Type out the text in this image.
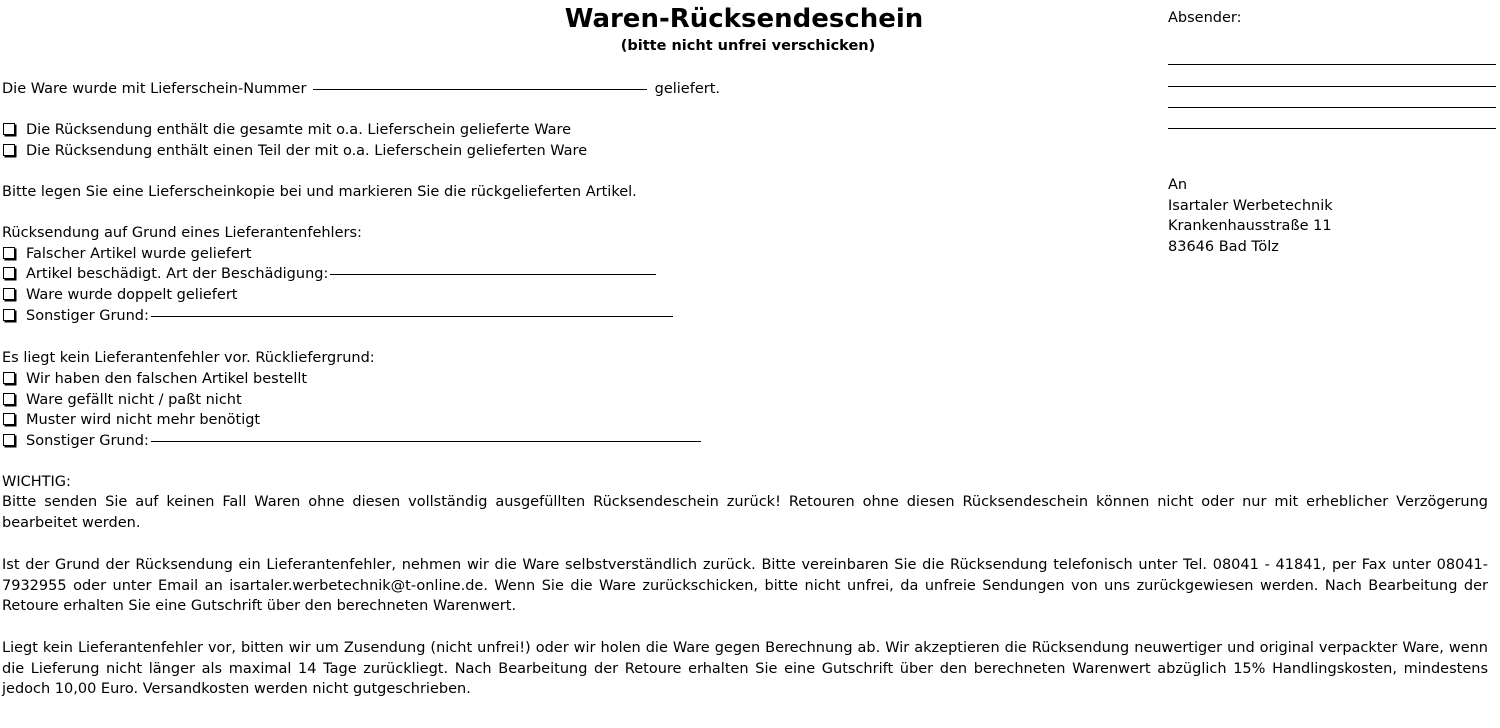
Waren-Rücksendeschein
(bitte nicht unfrei verschicken)
Absender:
An
Isartaler Werbetechnik
Krankenhausstraße 11
83646 Bad Tölz
Die Ware wurde mit Lieferschein-Nummer	geliefert.
Die Rücksendung enthält die gesamte mit o.a. Lieferschein gelieferte Ware
Die Rücksendung enthält einen Teil der mit o.a. Lieferschein gelieferten Ware
Bitte legen Sie eine Lieferscheinkopie bei und markieren Sie die rückgelieferten Artikel.
Rücksendung auf Grund eines Lieferantenfehlers:
Falscher Artikel wurde geliefert
Artikel beschädigt. Art der Beschädigung:
Ware wurde doppelt geliefert
Sonstiger Grund:
Es liegt kein Lieferantenfehler vor. Rückliefergrund:
Wir haben den falschen Artikel bestellt
Ware gefällt nicht / paßt nicht
Muster wird nicht mehr benötigt
Sonstiger Grund:
WICHTIG:
Bitte senden Sie auf keinen Fall Waren ohne diesen vollständig ausgefüllten Rücksendeschein zurück! Retouren ohne diesen Rücksendeschein können nicht oder nur mit erheblicher Verzögerung bearbeitet werden.
Ist der Grund der Rücksendung ein Lieferantenfehler, nehmen wir die Ware selbstverständlich zurück. Bitte vereinbaren Sie die Rücksendung telefonisch unter Tel. 08041 - 41841, per Fax unter 08041-7932955 oder unter Email an isartaler.werbetechnik@t-online.de. Wenn Sie die Ware zurückschicken, bitte nicht unfrei, da unfreie Sendungen von uns zurückgewiesen werden. Nach Bearbeitung der Retoure erhalten Sie eine Gutschrift über den berechneten Warenwert.
Liegt kein Lieferantenfehler vor, bitten wir um Zusendung (nicht unfrei!) oder wir holen die Ware gegen Berechnung ab. Wir akzeptieren die Rücksendung neuwertiger und original verpackter Ware, wenn die Lieferung nicht länger als maximal 14 Tage zurückliegt. Nach Bearbeitung der Retoure erhalten Sie eine Gutschrift über den berechneten Warenwert abzüglich 15% Handlingskosten, mindestens jedoch 10,00 Euro. Versandkosten werden nicht gutgeschrieben.
